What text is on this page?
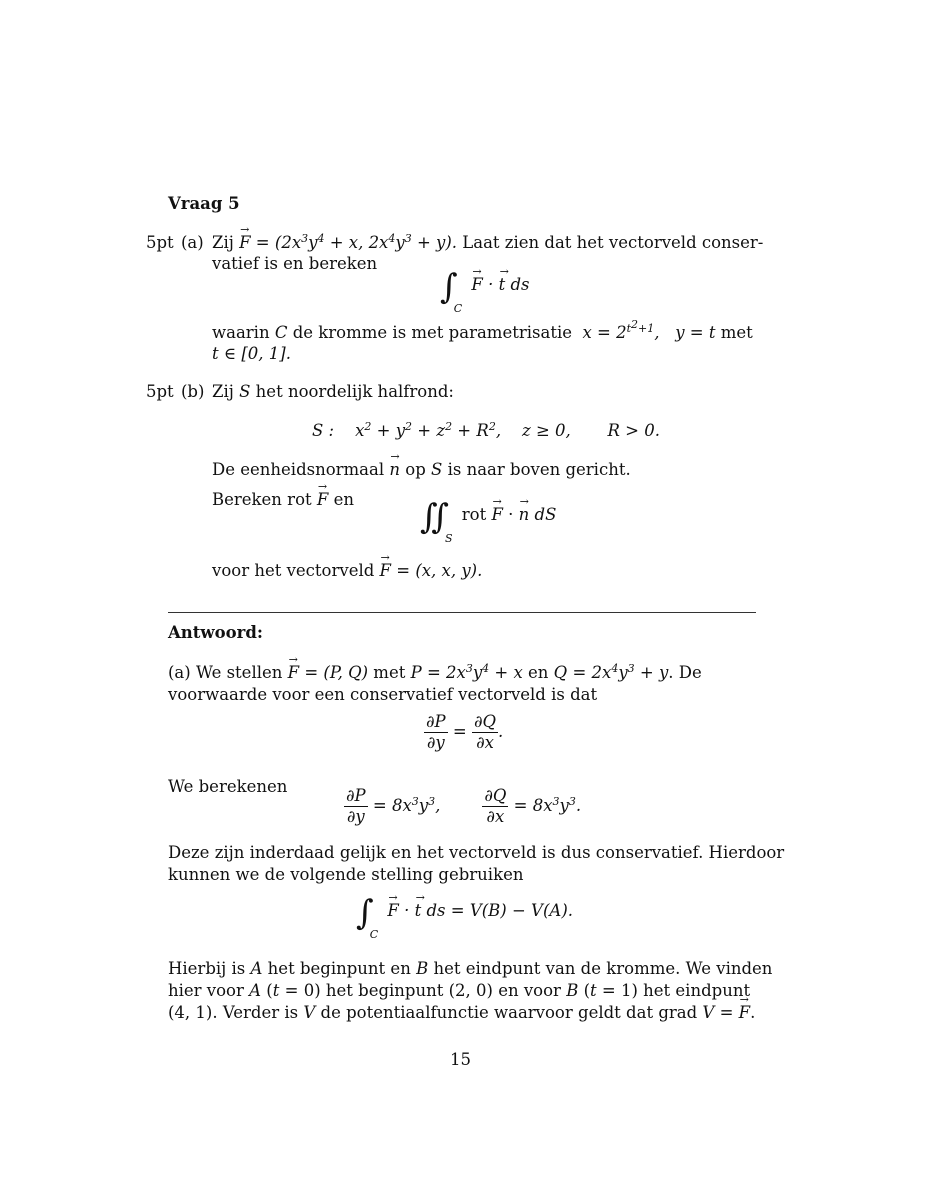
Vraag 5
5pt (a) Zij → $F = (2x^3y^4 + x$, $2x^4y^3 + y$). Laat zien dat het vectorveld conser-
vatief is en bereken
$\int_C \to F$ · → t ds
waarin C de kromme is met parametrisatie  $x = 2^{t^2+1}$,   y = t met
t ∈ [0, 1].
5pt (b) Zij S het noordelijk halfrond:
S :    $x^2 + y^2 + z^2 + R^2$,    z ≥ 0,       R > 0.
De eenheidsnormaal → n op S is naar boven gericht.
Bereken rot → F en $∬_S$ rot → F · → n dS
voor het vectorveld → F = (x, x, y).
Antwoord:
(a) We stellen → F = (P, Q) met $P = 2x^3y^4 + x$ en $Q = 2x^4y^3 + y$. De
voorwaarde voor een conservatief vectorveld is dat
$\frac{\partial P}{\partial y} = \frac{\partial Q}{\partial x}$ .
We berekenen	$\frac{\partial P}{\partial y} = 8x^3y^3$, $\frac{\partial Q}{\partial x} = 8x^3y^3$.
Deze zijn inderdaad gelijk en het vectorveld is dus conservatief. Hierdoor
kunnen we de volgende stelling gebruiken
$\int_C \to F$ · → t ds = V(B) − V(A).
Hierbij is A het beginpunt en B het eindpunt van de kromme. We vinden
hier voor A (t = 0) het beginpunt (2, 0) en voor B (t = 1) het eindpunt
(4, 1). Verder is V de potentiaalfunctie waarvoor geldt dat grad V = → F.
15
